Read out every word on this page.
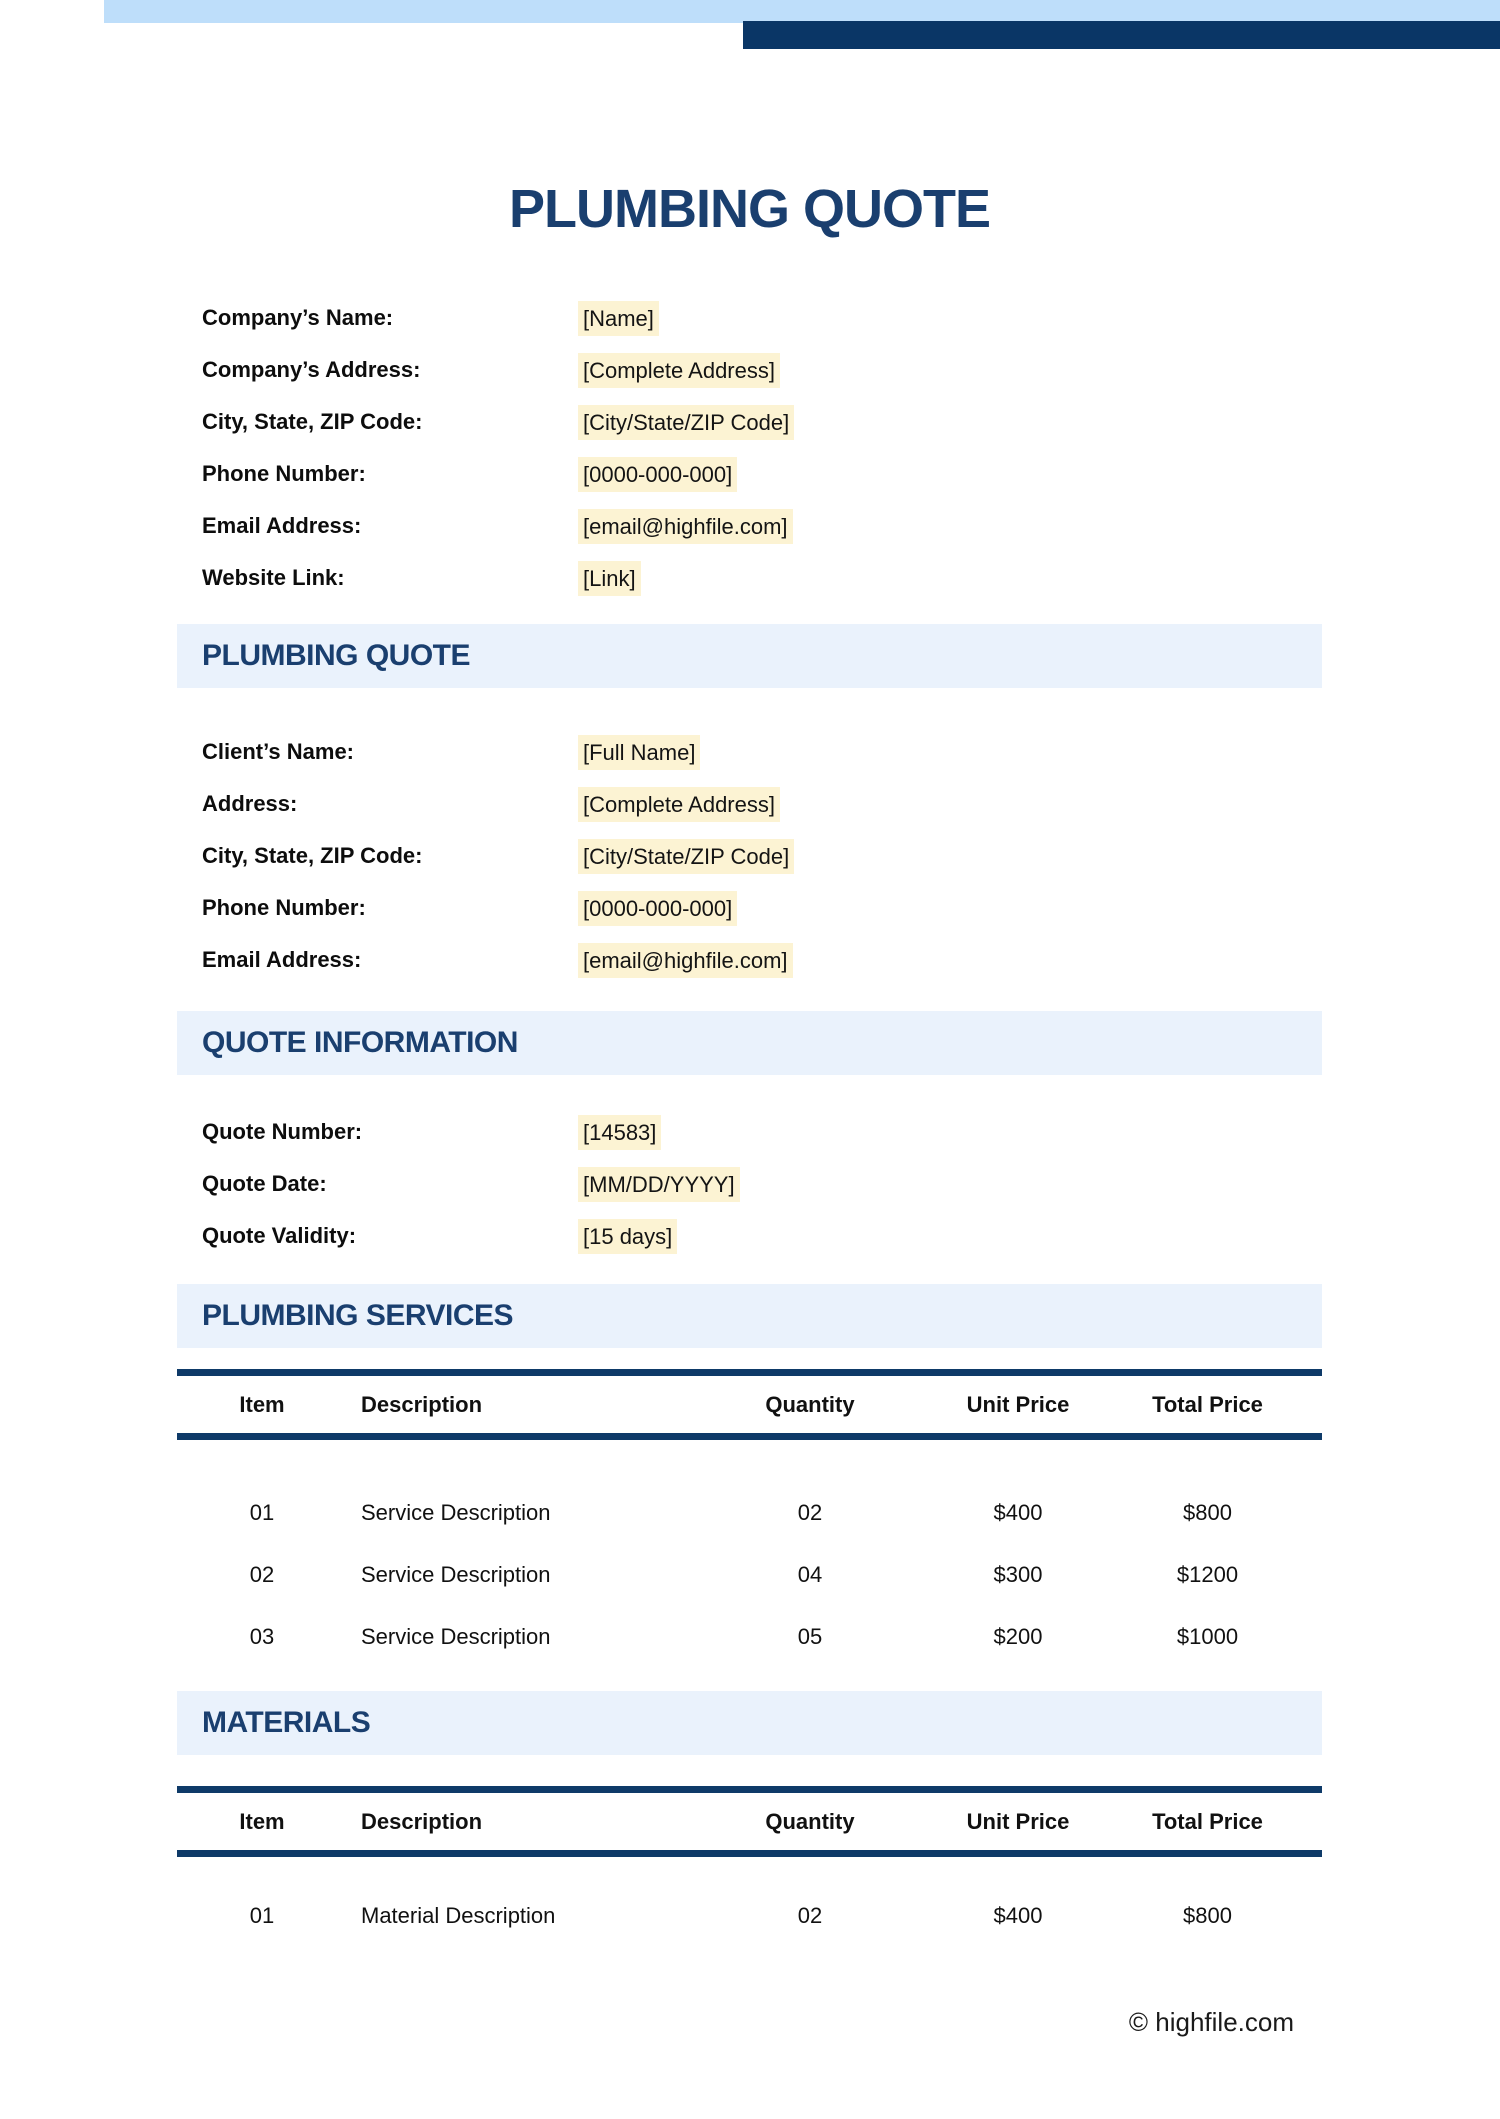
PLUMBING QUOTE
Company’s Name:	[Name]
Company’s Address:	[Complete Address]
City, State, ZIP Code:	[City/State/ZIP Code]
Phone Number:	[0000-000-000]
Email Address:	[email@highfile.com]
Website Link:	[Link]
PLUMBING QUOTE
Client’s Name:	[Full Name]
Address:	[Complete Address]
City, State, ZIP Code:	[City/State/ZIP Code]
Phone Number:	[0000-000-000]
Email Address:	[email@highfile.com]
QUOTE INFORMATION
Quote Number:	[14583]
Quote Date:	[MM/DD/YYYY]
Quote Validity:	[15 days]
PLUMBING SERVICES
Item	Description	Quantity	Unit Price	Total Price
01	Service Description	02	$400	$800
02	Service Description	04	$300	$1200
03	Service Description	05	$200	$1000
MATERIALS
Item	Description	Quantity	Unit Price	Total Price
01	Material Description	02	$400	$800
© highfile.com
